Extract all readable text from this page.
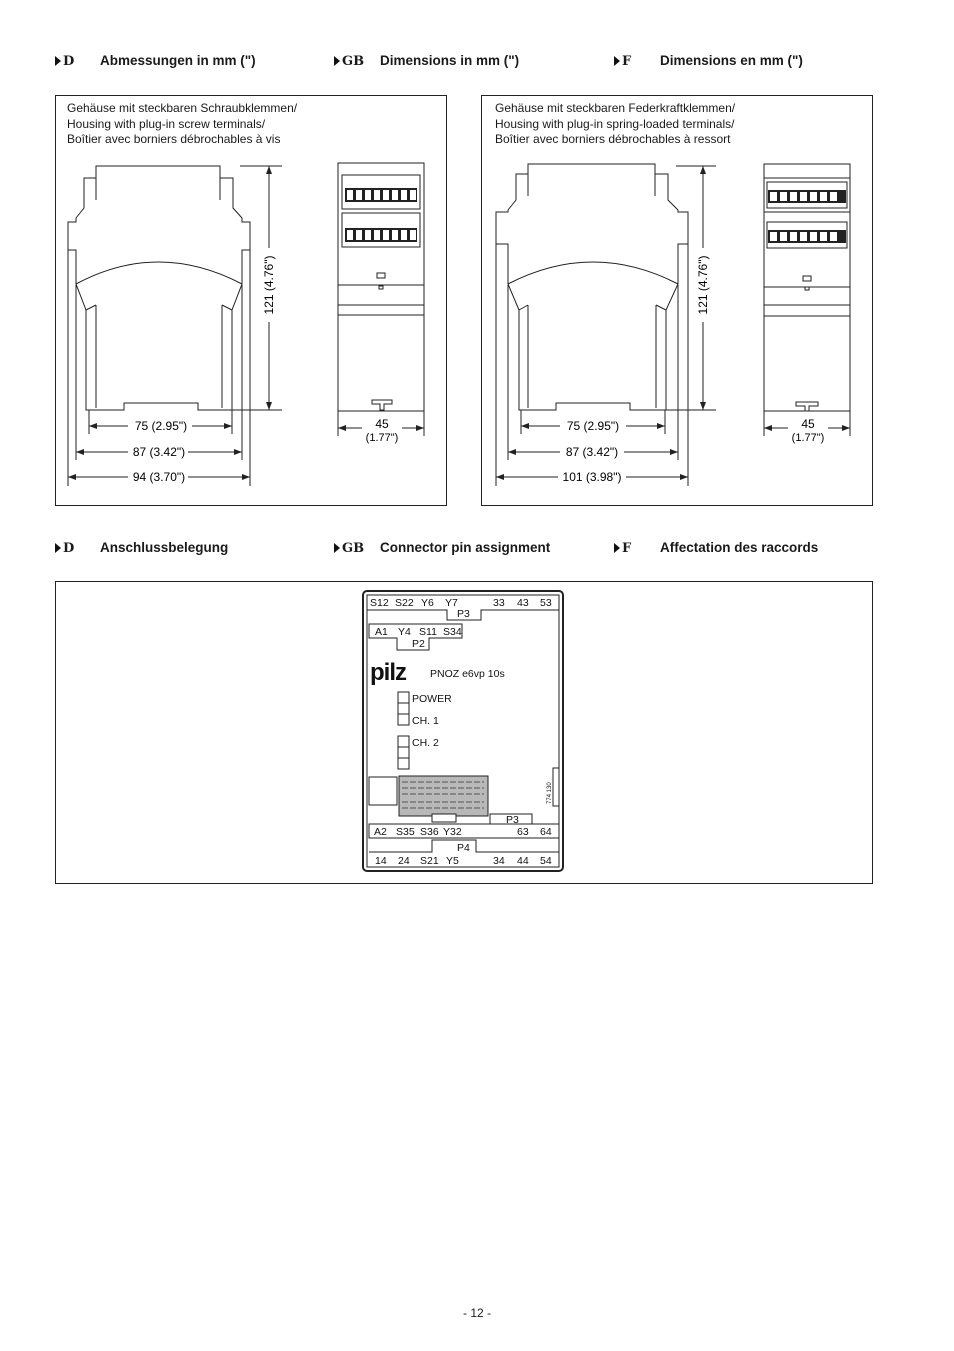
D Abmessungen in mm (")	GB Dimensions in mm (")	F Dimensions en mm (")
Gehäuse mit steckbaren Schraubklemmen/
Housing with plug-in screw terminals/
Boîtier avec borniers débrochables à vis
121 (4.76")
75 (2.95")
87 (3.42")
94 (3.70")
45
(1.77")
Gehäuse mit steckbaren Federkraftklemmen/
Housing with plug-in spring-loaded terminals/
Boîtier avec borniers débrochables à ressort
121 (4.76")
75 (2.95")
87 (3.42")
101 (3.98")
45
(1.77")
D Anschlussbelegung	GB Connector pin assignment	F Affectation des raccords
S12 S22 Y6 Y7	33 43 53
P3
A1 Y4 S11 S34
P2
PNOZ e6vp 10s
POWER
CH. 1
CH. 2
P3
A2 S35 S36 Y32	63 64
P4
14 24 S21 Y5	34 44 54
pilz
774 130
- 12 -
